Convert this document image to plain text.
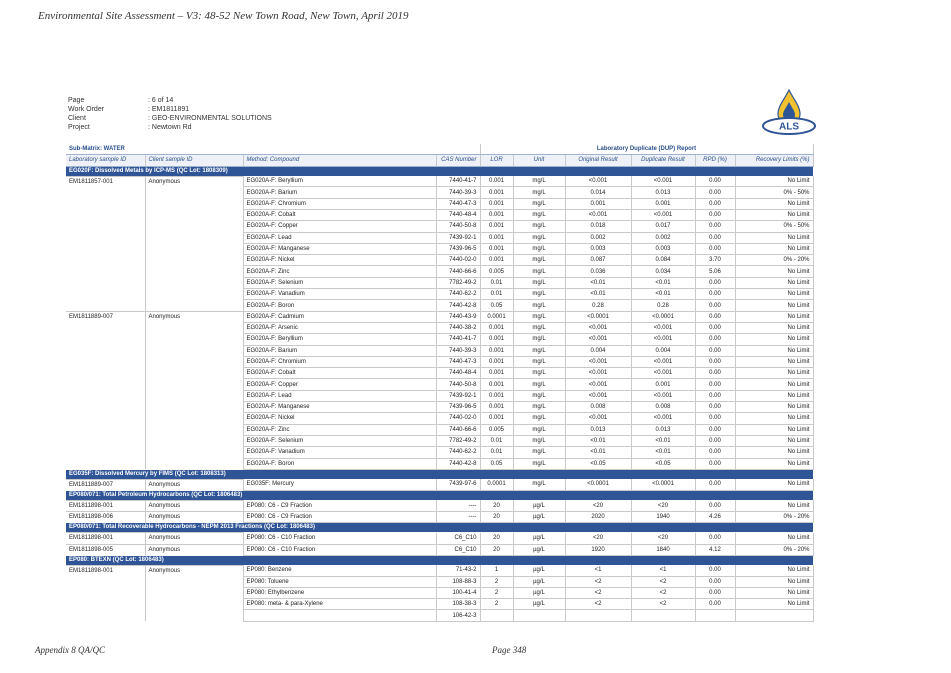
Environmental Site Assessment – V3: 48-52 New Town Road, New Town, April 2019
Page	: 6 of 14
Work Order	: EM1811891
Client	: GEO-ENVIRONMENTAL SOLUTIONS
Project	: Newtown Rd	ALS
Sub-Matrix: WATER				Laboratory Duplicate (DUP) Report					
Laboratory sample ID	Client sample ID	Method: Compound	CAS Number	LOR	Unit	Original Result	Duplicate Result	RPD (%)	Recovery Limits (%)
EG020F: Dissolved Metals by ICP-MS (QC Lot: 1808309)									
EM1811857-001	Anonymous	EG020A-F: Beryllium	7440-41-7	0.001	mg/L	<0.001	<0.001	0.00	No Limit
		EG020A-F: Barium	7440-39-3	0.001	mg/L	0.014	0.013	0.00	0% - 50%
		EG020A-F: Chromium	7440-47-3	0.001	mg/L	0.001	0.001	0.00	No Limit
		EG020A-F: Cobalt	7440-48-4	0.001	mg/L	<0.001	<0.001	0.00	No Limit
		EG020A-F: Copper	7440-50-8	0.001	mg/L	0.018	0.017	0.00	0% - 50%
		EG020A-F: Lead	7439-92-1	0.001	mg/L	0.002	0.002	0.00	No Limit
		EG020A-F: Manganese	7439-96-5	0.001	mg/L	0.003	0.003	0.00	No Limit
		EG020A-F: Nickel	7440-02-0	0.001	mg/L	0.087	0.084	3.70	0% - 20%
		EG020A-F: Zinc	7440-66-6	0.005	mg/L	0.036	0.034	5.06	No Limit
		EG020A-F: Selenium	7782-49-2	0.01	mg/L	<0.01	<0.01	0.00	No Limit
		EG020A-F: Vanadium	7440-62-2	0.01	mg/L	<0.01	<0.01	0.00	No Limit
		EG020A-F: Boron	7440-42-8	0.05	mg/L	0.28	0.28	0.00	No Limit
EM1811889-007	Anonymous	EG020A-F: Cadmium	7440-43-9	0.0001	mg/L	<0.0001	<0.0001	0.00	No Limit
		EG020A-F: Arsenic	7440-38-2	0.001	mg/L	<0.001	<0.001	0.00	No Limit
		EG020A-F: Beryllium	7440-41-7	0.001	mg/L	<0.001	<0.001	0.00	No Limit
		EG020A-F: Barium	7440-39-3	0.001	mg/L	0.004	0.004	0.00	No Limit
		EG020A-F: Chromium	7440-47-3	0.001	mg/L	<0.001	<0.001	0.00	No Limit
		EG020A-F: Cobalt	7440-48-4	0.001	mg/L	<0.001	<0.001	0.00	No Limit
		EG020A-F: Copper	7440-50-8	0.001	mg/L	<0.001	0.001	0.00	No Limit
		EG020A-F: Lead	7439-92-1	0.001	mg/L	<0.001	<0.001	0.00	No Limit
		EG020A-F: Manganese	7439-96-5	0.001	mg/L	0.008	0.008	0.00	No Limit
		EG020A-F: Nickel	7440-02-0	0.001	mg/L	<0.001	<0.001	0.00	No Limit
		EG020A-F: Zinc	7440-66-6	0.005	mg/L	0.013	0.013	0.00	No Limit
		EG020A-F: Selenium	7782-49-2	0.01	mg/L	<0.01	<0.01	0.00	No Limit
		EG020A-F: Vanadium	7440-62-2	0.01	mg/L	<0.01	<0.01	0.00	No Limit
		EG020A-F: Boron	7440-42-8	0.05	mg/L	<0.05	<0.05	0.00	No Limit
EG035F: Dissolved Mercury by FIMS (QC Lot: 1808313)									
EM1811889-007	Anonymous	EG035F: Mercury	7439-97-6	0.0001	mg/L	<0.0001	<0.0001	0.00	No Limit
EP080/071: Total Petroleum Hydrocarbons (QC Lot: 1806483)									
EM1811898-001	Anonymous	EP080: C6 - C9 Fraction	----	20	µg/L	<20	<20	0.00	No Limit
EM1811898-006	Anonymous	EP080: C6 - C9 Fraction	----	20	µg/L	2020	1940	4.26	0% - 20%
EP080/071: Total Recoverable Hydrocarbons - NEPM 2013 Fractions (QC Lot: 1806483)									
EM1811898-001	Anonymous	EP080: C6 - C10 Fraction	C6_C10	20	µg/L	<20	<20	0.00	No Limit
EM1811898-005	Anonymous	EP080: C6 - C10 Fraction	C6_C10	20	µg/L	1920	1840	4.12	0% - 20%
EP080: BTEXN (QC Lot: 1806483)									
EM1811898-001	Anonymous	EP080: Benzene	71-43-2	1	µg/L	<1	<1	0.00	No Limit
		EP080: Toluene	108-88-3	2	µg/L	<2	<2	0.00	No Limit
		EP080: Ethylbenzene	100-41-4	2	µg/L	<2	<2	0.00	No Limit
		EP080: meta- & para-Xylene	108-38-3	2	µg/L	<2	<2	0.00	No Limit
			106-42-3						
Appendix 8 QA/QC	Page 348
